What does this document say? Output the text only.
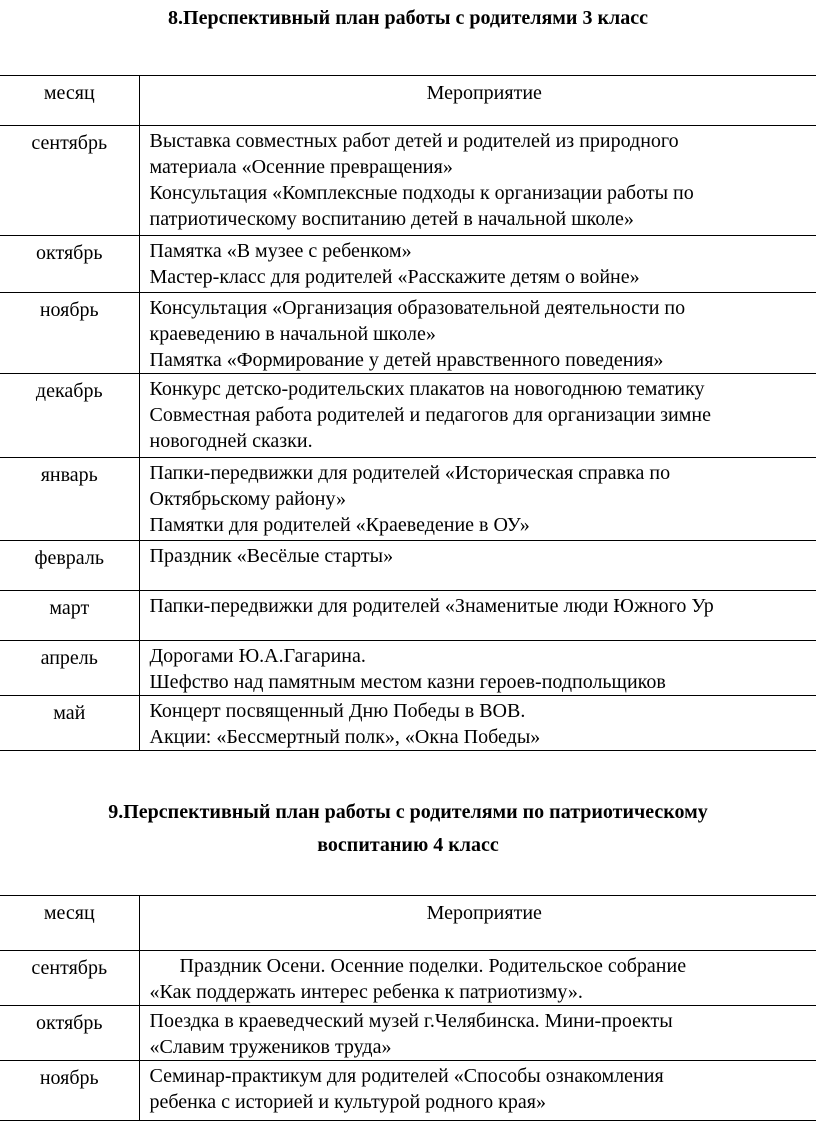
8.Перспективный план работы с родителями 3 класс
месяц	Мероприятие
сентябрь	Выставка совместных работ детей и родителей из природного
материала «Осенние превращения»
Консультация «Комплексные подходы к организации работы по
патриотическому воспитанию детей в начальной школе»

октябрь	Памятка «В музее с ребенком»
Мастер-класс для родителей «Расскажите детям о войне»

ноябрь	Консультация «Организация образовательной деятельности по
краеведению в начальной школе»
Памятка «Формирование у детей нравственного поведения»

декабрь	Конкурс детско-родительских плакатов на новогоднюю тематику
Совместная работа родителей и педагогов для организации зимне
новогодней сказки.

январь	Папки-передвижки для родителей «Историческая справка по
Октябрьскому району»
Памятки для родителей «Краеведение в ОУ»

февраль	Праздник «Весёлые старты»

март	Папки-передвижки для родителей «Знаменитые люди Южного Ур

апрель	Дорогами Ю.А.Гагарина.
Шефство над памятным местом казни героев-подпольщиков

май	Концерт посвященный Дню Победы в ВОВ.
Акции: «Бессмертный полк», «Окна Победы»
9.Перспективный план работы с родителями по патриотическому
воспитанию 4 класс
месяц	Мероприятие
сентябрь	Праздник Осени. Осенние поделки. Родительское собрание
«Как поддержать интерес ребенка к патриотизму».

октябрь	Поездка в краеведческий музей г.Челябинска. Мини-проекты
«Славим тружеников труда»

ноябрь	Семинар-практикум для родителей «Способы ознакомления
ребенка с историей и культурой родного края»
